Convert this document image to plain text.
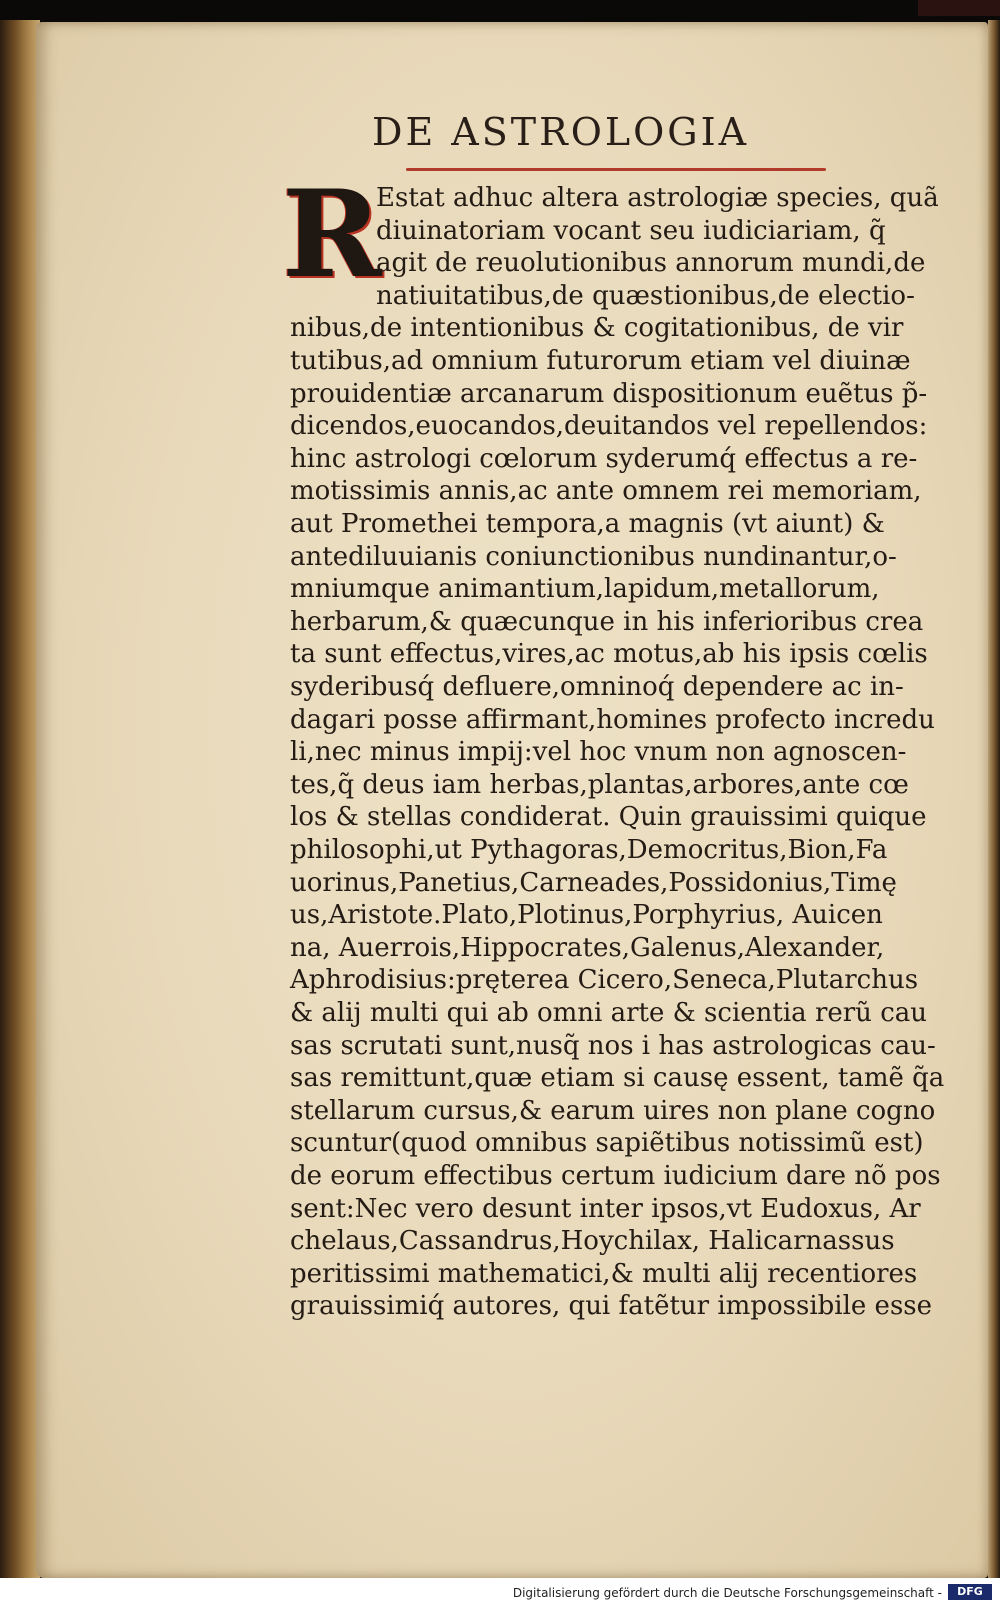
DE ASTROLOGIA
R
Estat adhuc altera astrologiæ species, quã
diuinatoriam vocant seu iudiciariam, q̃
agit de reuolutionibus annorum mundi,de
natiuitatibus,de quæstionibus,de electio-
nibus,de intentionibus & cogitationibus, de vir
tutibus,ad omnium futurorum etiam vel diuinæ
prouidentiæ arcanarum dispositionum euẽtus p̃-
dicendos,euocandos,deuitandos vel repellendos:
hinc astrologi cœlorum syderumq́ effectus a re-
motissimis annis,ac ante omnem rei memoriam,
aut Promethei tempora,a magnis (vt aiunt) &
antediluuianis coniunctionibus nundinantur,o-
mniumque animantium,lapidum,metallorum,
herbarum,& quæcunque in his inferioribus crea
ta sunt effectus,vires,ac motus,ab his ipsis cœlis
syderibusq́ defluere,omninoq́ dependere ac in-
dagari posse affirmant,homines profecto incredu
li,nec minus impij:vel hoc vnum non agnoscen-
tes,q̃ deus iam herbas,plantas,arbores,ante cœ
los & stellas condiderat. Quin grauissimi quique
philosophi,ut Pythagoras,Democritus,Bion,Fa
uorinus,Panetius,Carneades,Possidonius,Timę
us,Aristote.Plato,Plotinus,Porphyrius, Auicen
na, Auerrois,Hippocrates,Galenus,Alexander,
Aphrodisius:pręterea Cicero,Seneca,Plutarchus
& alij multi qui ab omni arte & scientia rerũ cau
sas scrutati sunt,nusq̃ nos i has astrologicas cau-
sas remittunt,quæ etiam si causę essent, tamẽ q̃a
stellarum cursus,& earum uires non plane cogno
scuntur(quod omnibus sapiẽtibus notissimũ est)
de eorum effectibus certum iudicium dare nõ pos
sent:Nec vero desunt inter ipsos,vt Eudoxus, Ar
chelaus,Cassandrus,Hoychilax, Halicarnassus
peritissimi mathematici,& multi alij recentiores
grauissimiq́ autores, qui fatẽtur impossibile esse
Digitalisierung gefördert durch die Deutsche Forschungsgemeinschaft -	DFG
